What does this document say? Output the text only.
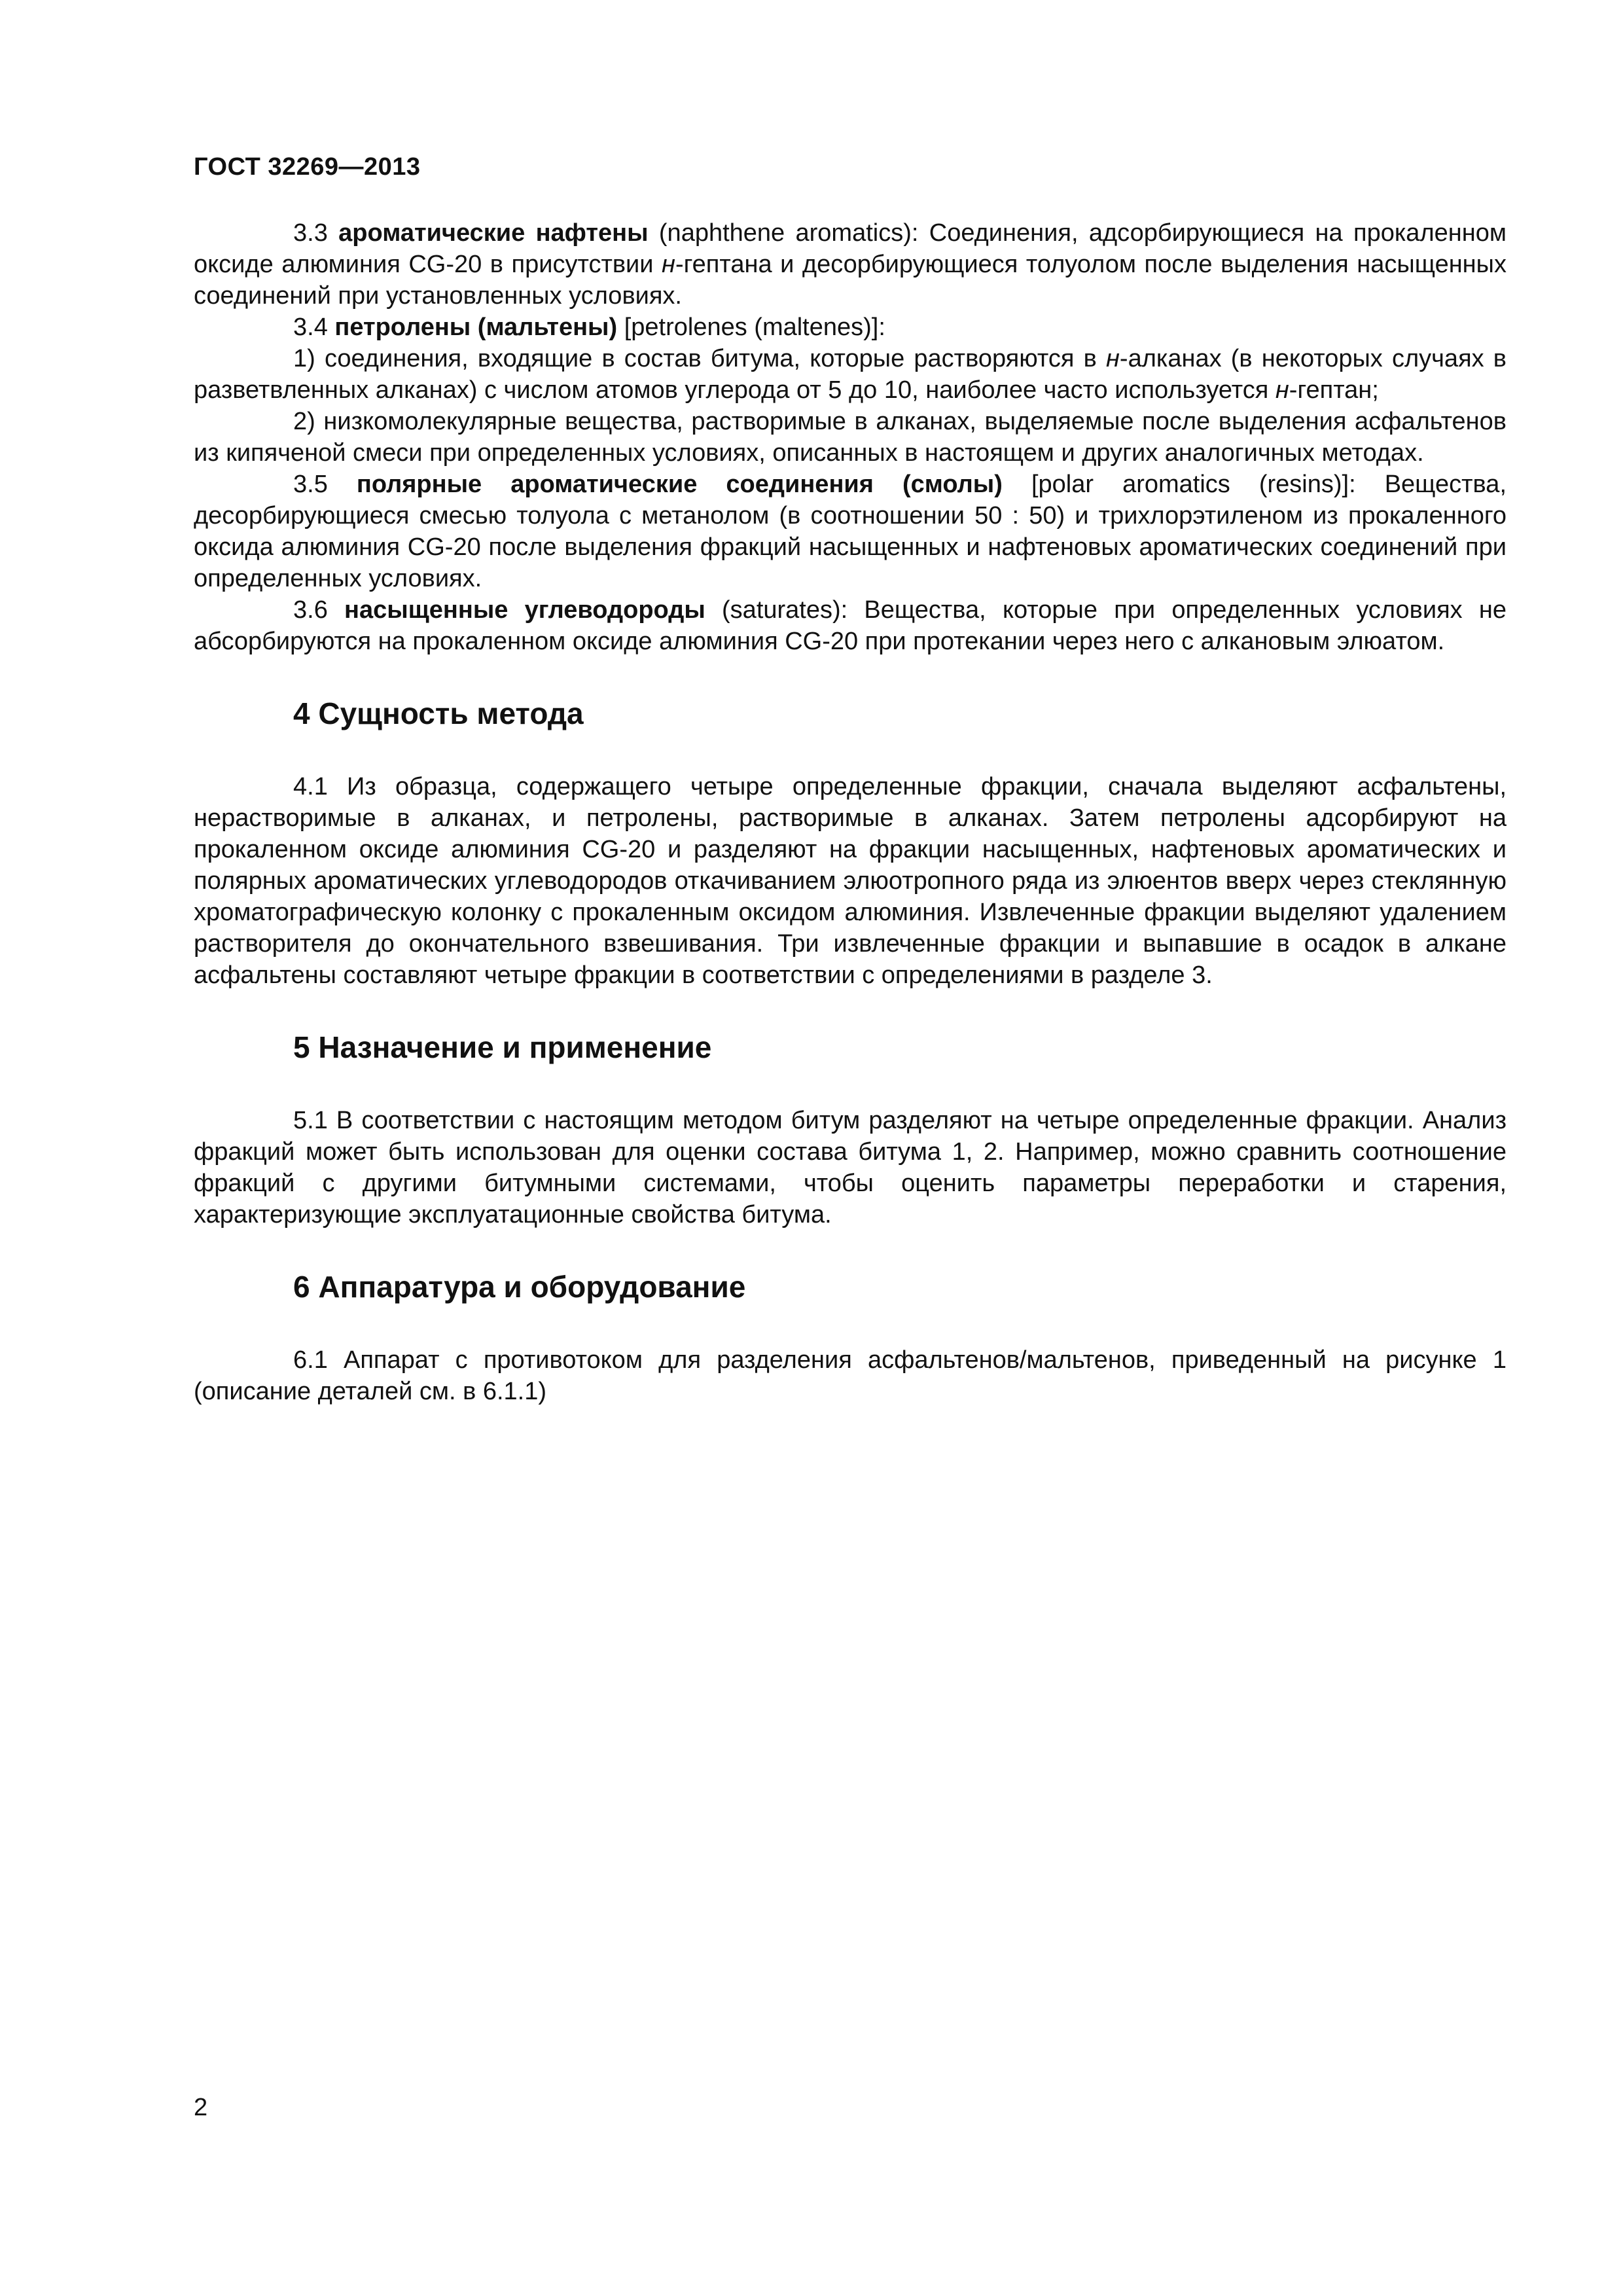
ГОСТ 32269—2013

3.3 ароматические нафтены (naphthene aromatics): Соединения, адсорбирующиеся на прокаленном оксиде алюминия CG-20 в присутствии н-гептана и десорбирующиеся толуолом после выделения насыщенных соединений при установленных условиях.

3.4 петролены (мальтены) [petrolenes (maltenes)]:

1) соединения, входящие в состав битума, которые растворяются в н-алканах (в некоторых случаях в разветвленных алканах) с числом атомов углерода от 5 до 10, наиболее часто используется н-гептан;

2) низкомолекулярные вещества, растворимые в алканах, выделяемые после выделения асфальтенов из кипяченой смеси при определенных условиях, описанных в настоящем и других аналогичных методах.

3.5 полярные ароматические соединения (смолы) [polar aromatics (resins)]: Вещества, десорбирующиеся смесью толуола с метанолом (в соотношении 50 : 50) и трихлорэтиленом из прокаленного оксида алюминия CG-20 после выделения фракций насыщенных и нафтеновых ароматических соединений при определенных условиях.

3.6 насыщенные углеводороды (saturates): Вещества, которые при определенных условиях не абсорбируются на прокаленном оксиде алюминия CG-20 при протекании через него с алкановым элюатом.

4 Сущность метода

4.1 Из образца, содержащего четыре определенные фракции, сначала выделяют асфальтены, нерастворимые в алканах, и петролены, растворимые в алканах. Затем петролены адсорбируют на прокаленном оксиде алюминия CG-20 и разделяют на фракции насыщенных, нафтеновых ароматических и полярных ароматических углеводородов откачиванием элюотропного ряда из элюентов вверх через стеклянную хроматографическую колонку с прокаленным оксидом алюминия. Извлеченные фракции выделяют удалением растворителя до окончательного взвешивания. Три извлеченные фракции и выпавшие в осадок в алкане асфальтены составляют четыре фракции в соответствии с определениями в разделе 3.

5 Назначение и применение

5.1 В соответствии с настоящим методом битум разделяют на четыре определенные фракции. Анализ фракций может быть использован для оценки состава битума 1, 2. Например, можно сравнить соотношение фракций с другими битумными системами, чтобы оценить параметры переработки и старения, характеризующие эксплуатационные свойства битума.

6 Аппаратура и оборудование

6.1 Аппарат с противотоком для разделения асфальтенов/мальтенов, приведенный на рисунке 1 (описание деталей см. в 6.1.1)

2
